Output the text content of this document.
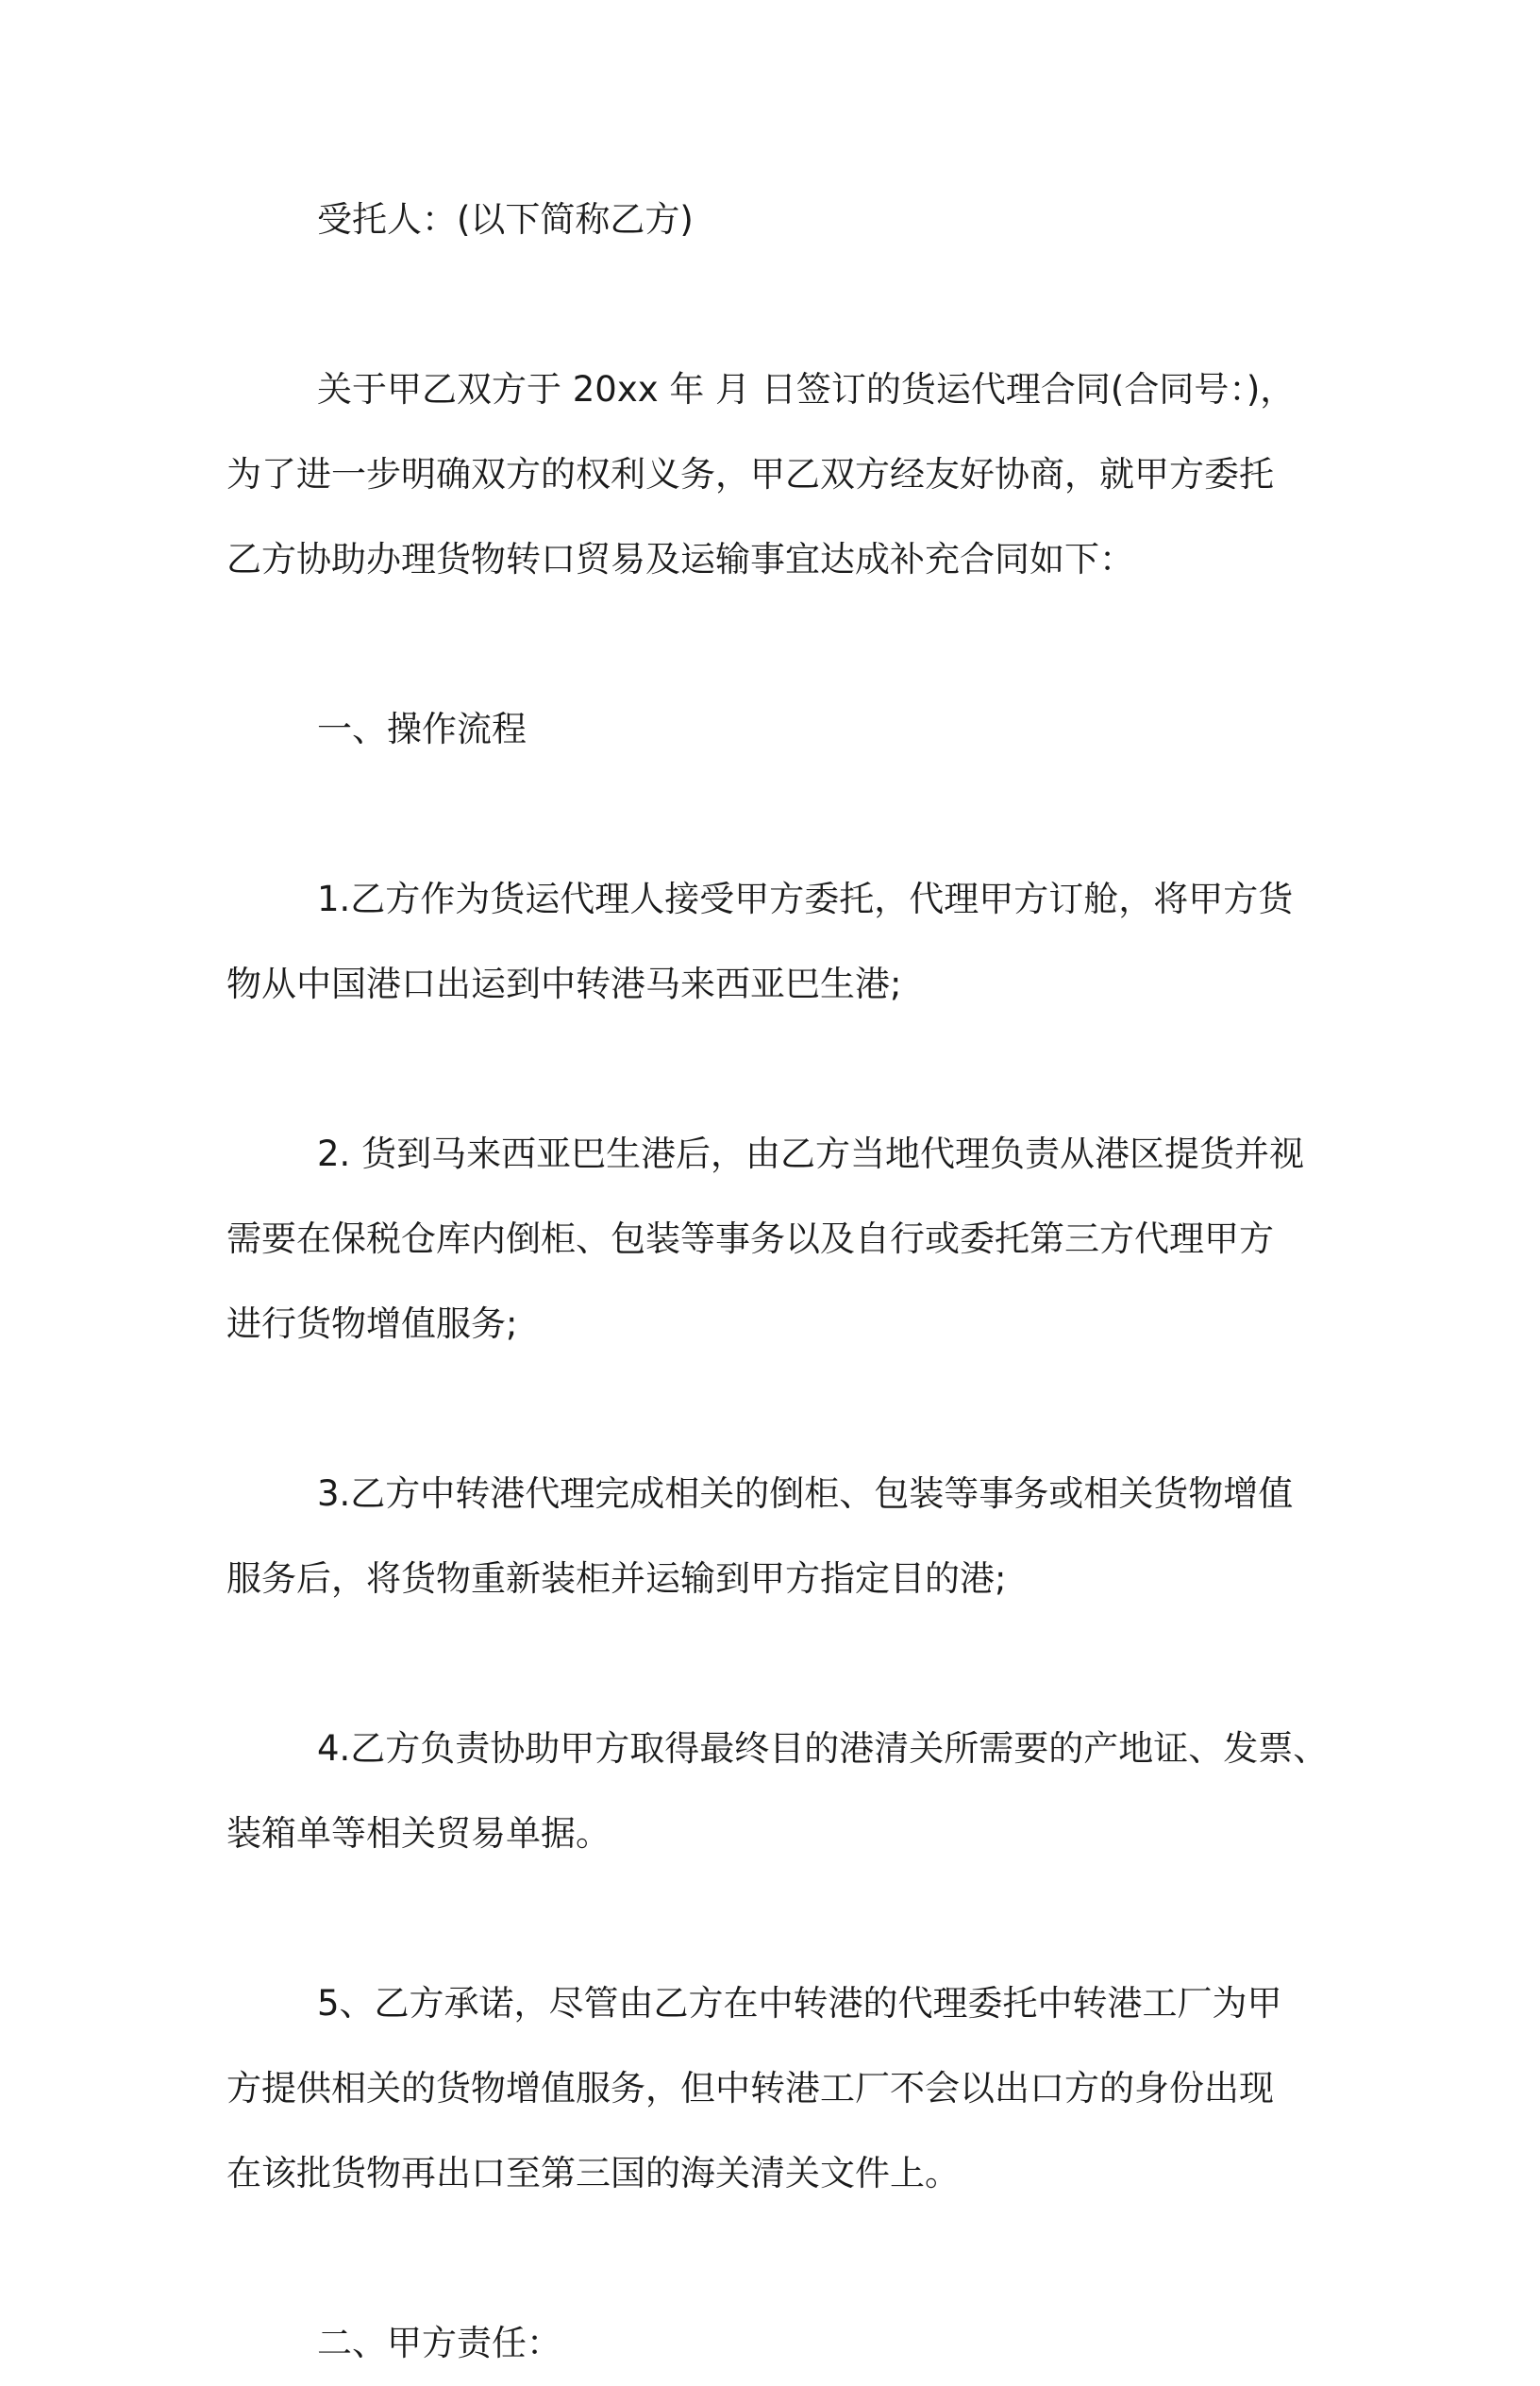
受托人：(以下简称乙方)
关于甲乙双方于 20xx 年 月 日签订的货运代理合同(合同号：)，
为了进一步明确双方的权利义务，甲乙双方经友好协商，就甲方委托
乙方协助办理货物转口贸易及运输事宜达成补充合同如下：
一、操作流程
1.乙方作为货运代理人接受甲方委托，代理甲方订舱，将甲方货
物从中国港口出运到中转港马来西亚巴生港;
2. 货到马来西亚巴生港后，由乙方当地代理负责从港区提货并视
需要在保税仓库内倒柜、包装等事务以及自行或委托第三方代理甲方
进行货物增值服务;
3.乙方中转港代理完成相关的倒柜、包装等事务或相关货物增值
服务后，将货物重新装柜并运输到甲方指定目的港;
4.乙方负责协助甲方取得最终目的港清关所需要的产地证、发票、
装箱单等相关贸易单据。
5、乙方承诺，尽管由乙方在中转港的代理委托中转港工厂为甲
方提供相关的货物增值服务，但中转港工厂不会以出口方的身份出现
在该批货物再出口至第三国的海关清关文件上。
二、甲方责任：
